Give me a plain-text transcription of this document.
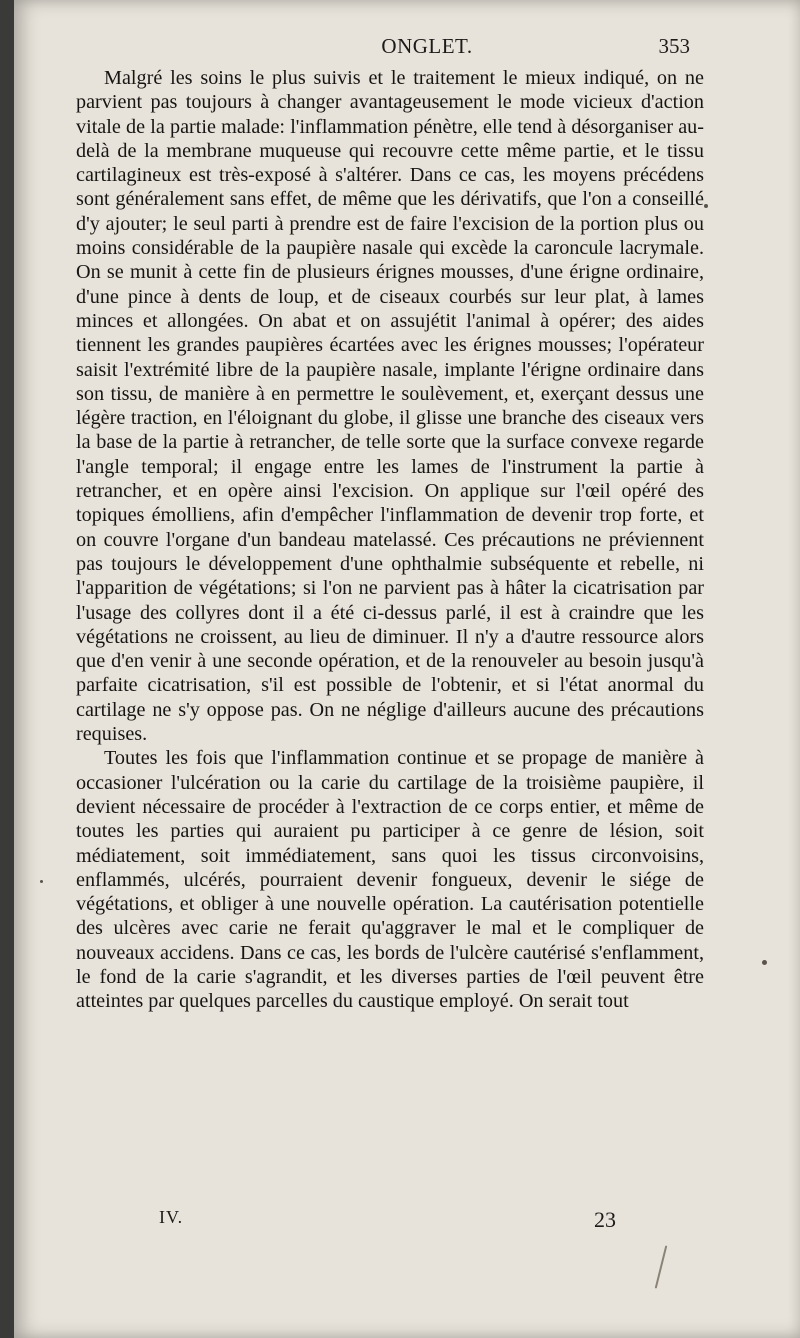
ONGLET.	353

Malgré les soins le plus suivis et le traitement le mieux indiqué, on ne parvient pas toujours à changer avantageusement le mode vicieux d'action vitale de la partie malade: l'inflammation pénètre, elle tend à désorganiser au-delà de la membrane muqueuse qui recouvre cette même partie, et le tissu cartilagineux est très-exposé à s'altérer. Dans ce cas, les moyens précédens sont généralement sans effet, de même que les dérivatifs, que l'on a conseillé d'y ajouter; le seul parti à prendre est de faire l'excision de la portion plus ou moins considérable de la paupière nasale qui excède la caroncule lacrymale. On se munit à cette fin de plusieurs érignes mousses, d'une érigne ordinaire, d'une pince à dents de loup, et de ciseaux courbés sur leur plat, à lames minces et allongées. On abat et on assujétit l'animal à opérer; des aides tiennent les grandes paupières écartées avec les érignes mousses; l'opérateur saisit l'extrémité libre de la paupière nasale, implante l'érigne ordinaire dans son tissu, de manière à en permettre le soulèvement, et, exerçant dessus une légère traction, en l'éloignant du globe, il glisse une branche des ciseaux vers la base de la partie à retrancher, de telle sorte que la surface convexe regarde l'angle temporal; il engage entre les lames de l'instrument la partie à retrancher, et en opère ainsi l'excision. On applique sur l'œil opéré des topiques émolliens, afin d'empêcher l'inflammation de devenir trop forte, et on couvre l'organe d'un bandeau matelassé. Ces précautions ne préviennent pas toujours le développement d'une ophthalmie subséquente et rebelle, ni l'apparition de végétations; si l'on ne parvient pas à hâter la cicatrisation par l'usage des collyres dont il a été ci-dessus parlé, il est à craindre que les végétations ne croissent, au lieu de diminuer. Il n'y a d'autre ressource alors que d'en venir à une seconde opération, et de la renouveler au besoin jusqu'à parfaite cicatrisation, s'il est possible de l'obtenir, et si l'état anormal du cartilage ne s'y oppose pas. On ne néglige d'ailleurs aucune des précautions requises.

Toutes les fois que l'inflammation continue et se propage de manière à occasioner l'ulcération ou la carie du cartilage de la troisième paupière, il devient nécessaire de procéder à l'extraction de ce corps entier, et même de toutes les parties qui auraient pu participer à ce genre de lésion, soit médiatement, soit immédiatement, sans quoi les tissus circonvoisins, enflammés, ulcérés, pourraient devenir fongueux, devenir le siége de végétations, et obliger à une nouvelle opération. La cautérisation potentielle des ulcères avec carie ne ferait qu'aggraver le mal et le compliquer de nouveaux accidens. Dans ce cas, les bords de l'ulcère cautérisé s'enflamment, le fond de la carie s'agrandit, et les diverses parties de l'œil peuvent être atteintes par quelques parcelles du caustique employé. On serait tout

IV.	23
